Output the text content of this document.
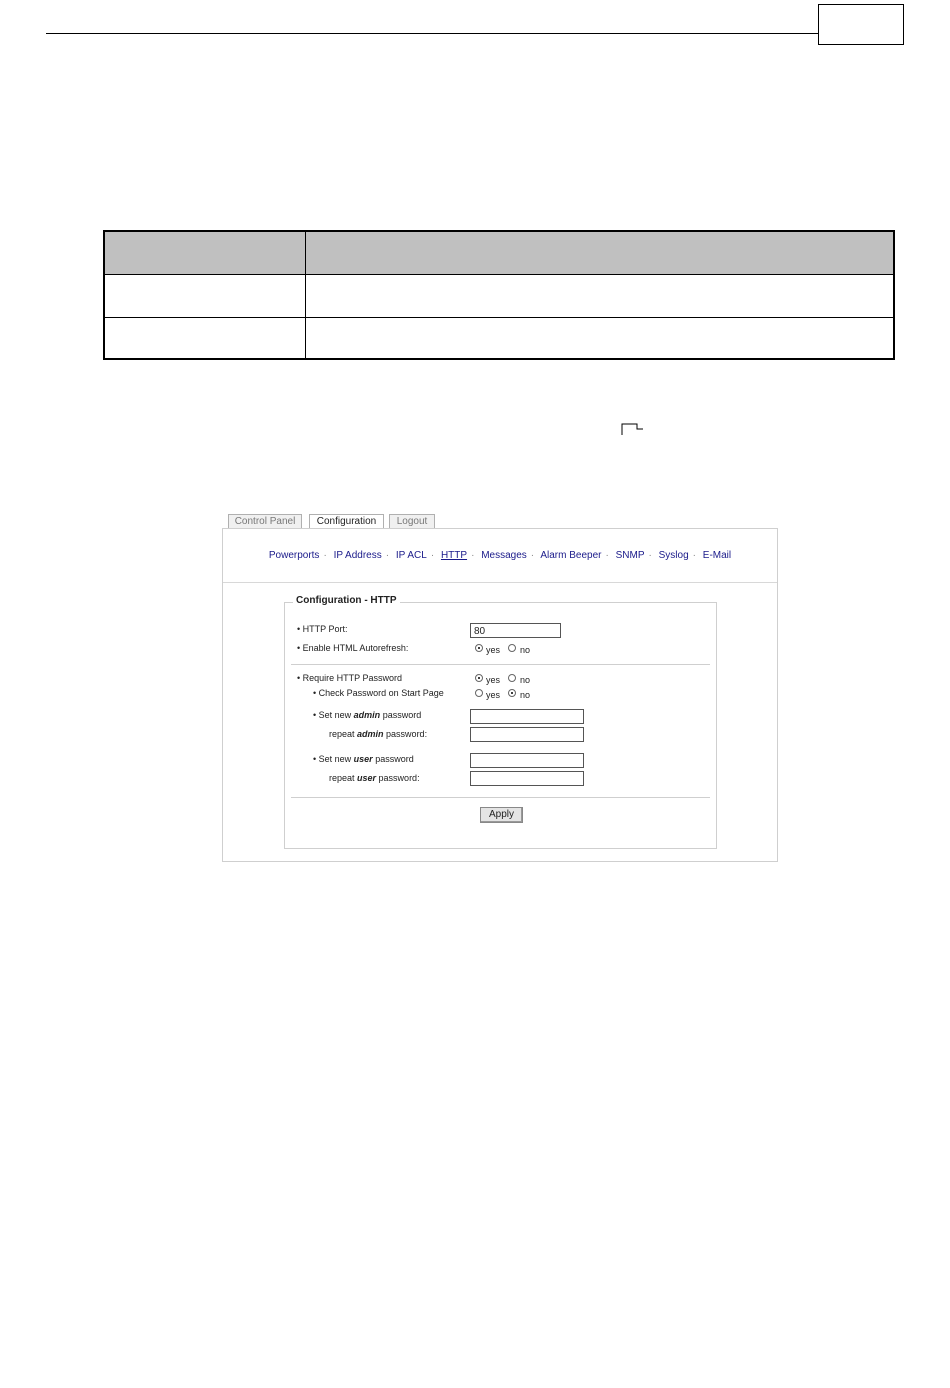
Control Panel	Configuration	Logout
Powerports · IP Address · IP ACL · HTTP · Messages · Alarm Beeper · SNMP · Syslog · E-Mail
Configuration - HTTP
• HTTP Port:	80
• Enable HTML Autorefresh:	yes no
• Require HTTP Password	yes no
• Check Password on Start Page	yes no
• Set new admin password
repeat admin password:
• Set new user password
repeat user password:
Apply
